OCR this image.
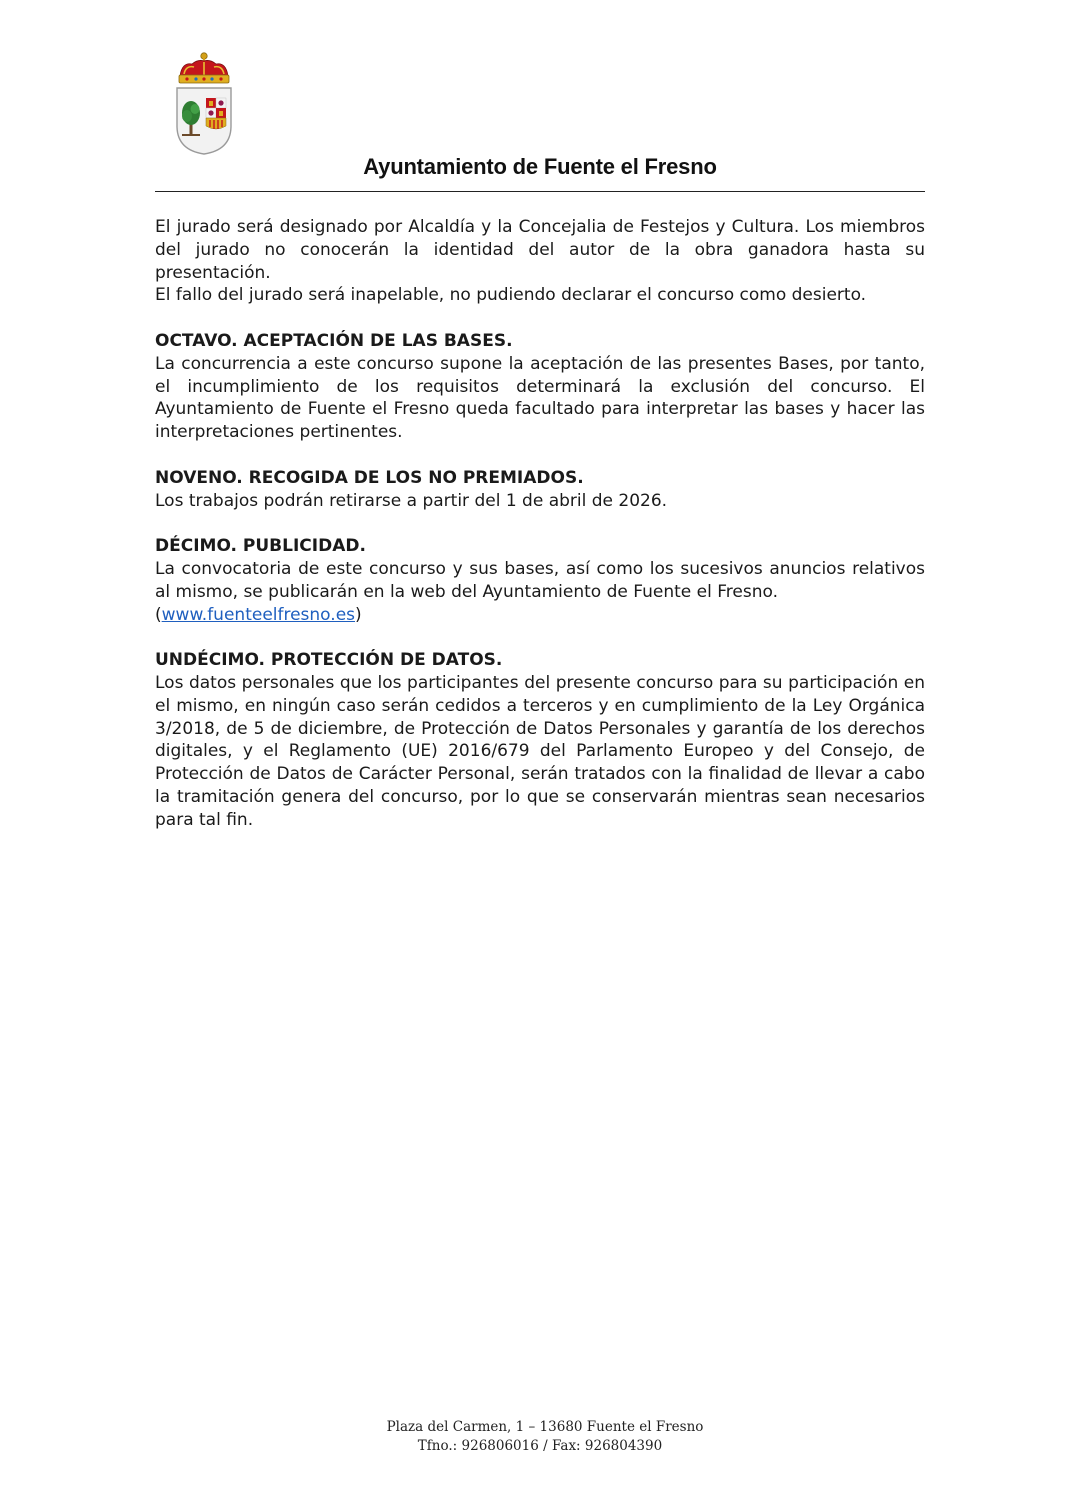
Ayuntamiento de Fuente el Fresno

El jurado será designado por Alcaldía y la Concejalia de Festejos y Cultura. Los miembros del jurado no conocerán la identidad del autor de la obra ganadora hasta su presentación.

El fallo del jurado será inapelable, no pudiendo declarar el concurso como desierto.

OCTAVO. ACEPTACIÓN DE LAS BASES.

La concurrencia a este concurso supone la aceptación de las presentes Bases, por tanto, el incumplimiento de los requisitos determinará la exclusión del concurso. El Ayuntamiento de Fuente el Fresno queda facultado para interpretar las bases y hacer las interpretaciones pertinentes.

NOVENO. RECOGIDA DE LOS NO PREMIADOS.

Los trabajos podrán retirarse a partir del 1 de abril de 2026.

DÉCIMO. PUBLICIDAD.

La convocatoria de este concurso y sus bases, así como los sucesivos anuncios relativos al mismo, se publicarán en la web del Ayuntamiento de Fuente el Fresno.

(www.fuenteelfresno.es)

UNDÉCIMO. PROTECCIÓN DE DATOS.

Los datos personales que los participantes del presente concurso para su participación en el mismo, en ningún caso serán cedidos a terceros y en cumplimiento de la Ley Orgánica 3/2018, de 5 de diciembre, de Protección de Datos Personales y garantía de los derechos digitales, y el Reglamento (UE) 2016/679 del Parlamento Europeo y del Consejo, de Protección de Datos de Carácter Personal, serán tratados con la finalidad de llevar a cabo la tramitación genera del concurso, por lo que se conservarán mientras sean necesarios para tal fin.

Plaza del Carmen, 1 – 13680 Fuente el Fresno
Tfno.: 926806016 / Fax: 926804390
